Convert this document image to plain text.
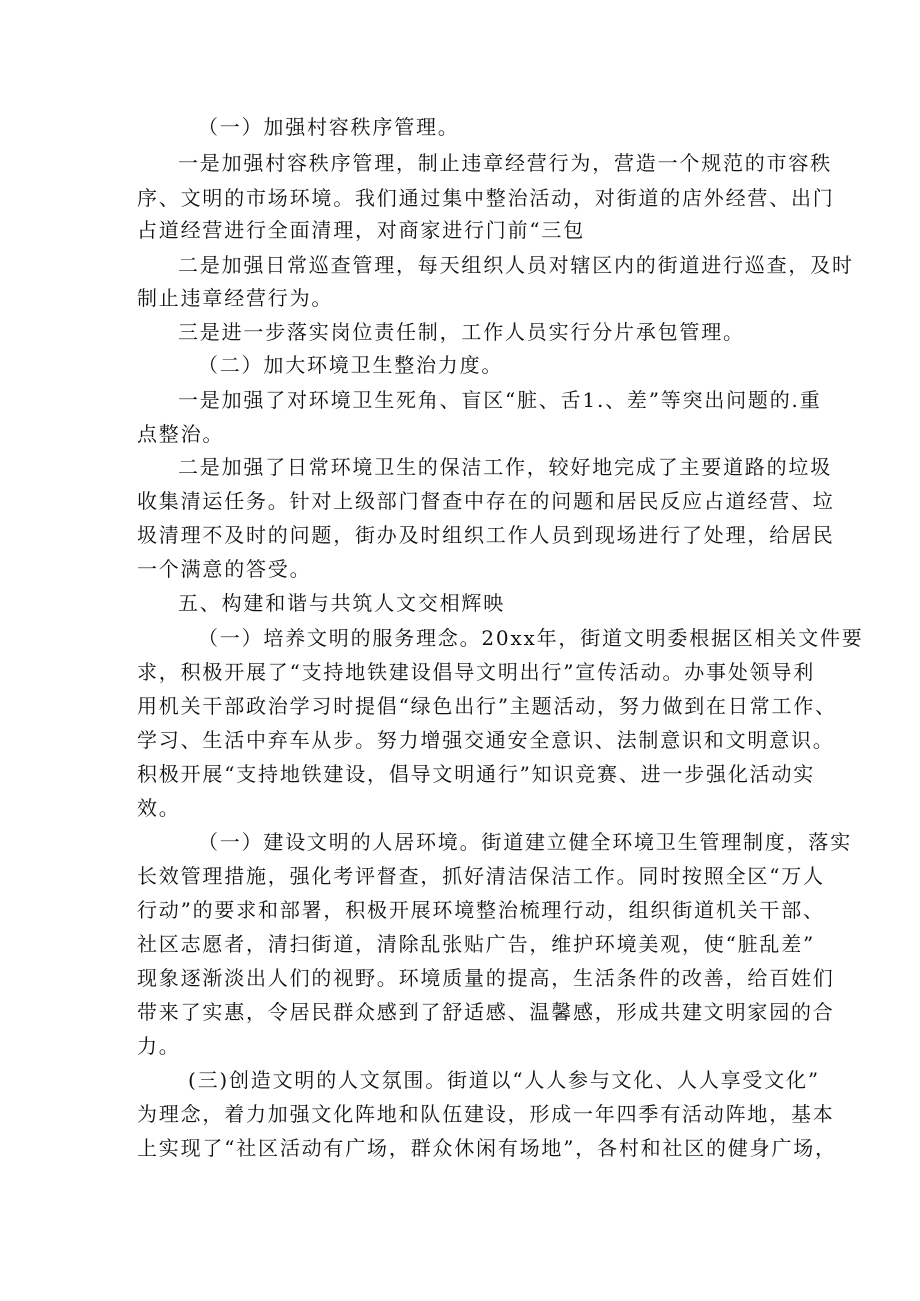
（一）加强村容秩序管理。
一是加强村容秩序管理，制止违章经营行为，营造一个规范的市容秩
序、文明的市场环境。我们通过集中整治活动，对街道的店外经营、出门
占道经营进行全面清理，对商家进行门前“三包
二是加强日常巡查管理，每天组织人员对辖区内的街道进行巡查，及时
制止违章经营行为。
三是进一步落实岗位责任制，工作人员实行分片承包管理。
（二）加大环境卫生整治力度。
一是加强了对环境卫生死角、盲区“脏、舌1.、差”等突出问题的.重
点整治。
二是加强了日常环境卫生的保洁工作，较好地完成了主要道路的垃圾
收集清运任务。针对上级部门督查中存在的问题和居民反应占道经营、垃
圾清理不及时的问题，街办及时组织工作人员到现场进行了处理，给居民
一个满意的答受。
五、构建和谐与共筑人文交相辉映
（一）培养文明的服务理念。20xx年，街道文明委根据区相关文件要
求，积极开展了“支持地铁建设倡导文明出行”宣传活动。办事处领导利
用机关干部政治学习时提倡“绿色出行”主题活动，努力做到在日常工作、
学习、生活中弃车从步。努力增强交通安全意识、法制意识和文明意识。
积极开展“支持地铁建设，倡导文明通行”知识竞赛、进一步强化活动实
效。
（一）建设文明的人居环境。街道建立健全环境卫生管理制度，落实
长效管理措施，强化考评督查，抓好清洁保洁工作。同时按照全区“万人
行动”的要求和部署，积极开展环境整治梳理行动，组织街道机关干部、
社区志愿者，清扫街道，清除乱张贴广告，维护环境美观，使“脏乱差”
现象逐渐淡出人们的视野。环境质量的提高，生活条件的改善，给百姓们
带来了实惠，令居民群众感到了舒适感、温馨感，形成共建文明家园的合
力。
(三)创造文明的人文氛围。街道以“人人参与文化、人人享受文化”
为理念，着力加强文化阵地和队伍建设，形成一年四季有活动阵地，基本
上实现了“社区活动有广场，群众休闲有场地”，各村和社区的健身广场，
